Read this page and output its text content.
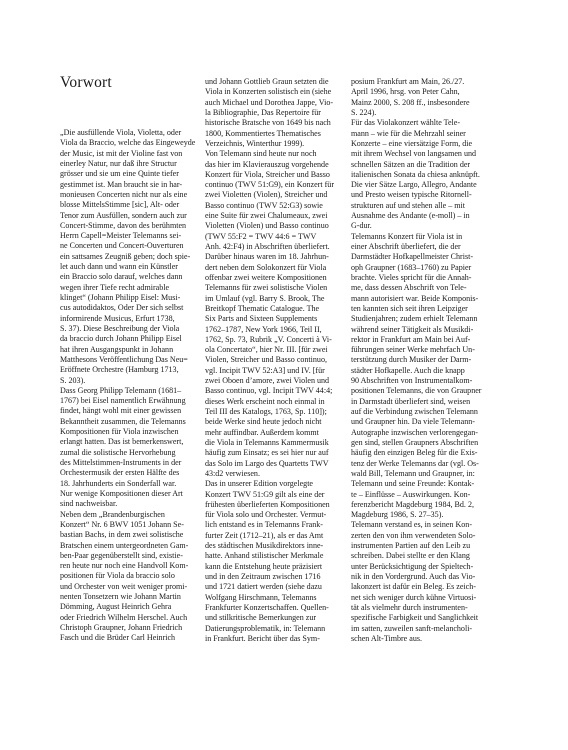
Vorwort
„Die ausfüllende Viola, Violetta, oder
Viola da Braccio, welche das Eingeweyde
der Music, ist mit der Violine fast von
einerley Natur, nur daß ihre Structur
grösser und sie um eine Quinte tiefer
gestimmet ist. Man braucht sie in har-
monieusen Concerten nicht nur als eine
blosse MittelsStimme [sic], Alt- oder
Tenor zum Ausfüllen, sondern auch zur
Concert-Stimme, davon des berühmten
Herrn Capell=Meister Telemanns sei-
ne Concerten und Concert-Ouverturen
ein sattsames Zeugniß geben; doch spie-
let auch dann und wann ein Künstler
ein Braccio solo darauf, welches dann
wegen ihrer Tiefe recht admirable
klinget“ (Johann Philipp Eisel: Musi-
cus autodidaktos, Oder Der sich selbst
informirende Musicus, Erfurt 1738,
S. 37). Diese Beschreibung der Viola
da braccio durch Johann Philipp Eisel
hat ihren Ausgangspunkt in Johann
Matthesons Veröffentlichung Das Neu=
Eröffnete Orchestre (Hamburg 1713,
S. 203).
Dass Georg Philipp Telemann (1681–
1767) bei Eisel namentlich Erwähnung
findet, hängt wohl mit einer gewissen
Bekanntheit zusammen, die Telemanns
Kompositionen für Viola inzwischen
erlangt hatten. Das ist bemerkenswert,
zumal die solistische Hervorhebung
des Mittelstimmen-Instruments in der
Orchestermusik der ersten Hälfte des
18. Jahrhunderts ein Sonderfall war.
Nur wenige Kompositionen dieser Art
sind nachweisbar.
Neben dem „Brandenburgischen
Konzert“ Nr. 6 BWV 1051 Johann Se-
bastian Bachs, in dem zwei solistische
Bratschen einem untergeordneten Gam-
ben-Paar gegenüberstellt sind, existie-
ren heute nur noch eine Handvoll Kom-
positionen für Viola da braccio solo
und Orchester von weit weniger promi-
nenten Tonsetzern wie Johann Martin
Dömming, August Heinrich Gehra
oder Friedrich Wilhelm Herschel. Auch
Christoph Graupner, Johann Friedrich
Fasch und die Brüder Carl Heinrich
und Johann Gottlieb Graun setzten die
Viola in Konzerten solistisch ein (siehe
auch Michael und Dorothea Jappe, Vio-
la Bibliographie, Das Repertoire für
historische Bratsche von 1649 bis nach
1800, Kommentiertes Thematisches
Verzeichnis, Winterthur 1999).
Von Telemann sind heute nur noch
das hier im Klavierauszug vorgehende
Konzert für Viola, Streicher und Basso
continuo (TWV 51:G9), ein Konzert für
zwei Violetten (Violen), Streicher und
Basso continuo (TWV 52:G3) sowie
eine Suite für zwei Chalumeaux, zwei
Violetten (Violen) und Basso continuo
(TWV 55:F2 = TWV 44:6 = TWV
Anh. 42:F4) in Abschriften überliefert.
Darüber hinaus waren im 18. Jahrhun-
dert neben dem Solokonzert für Viola
offenbar zwei weitere Kompositionen
Telemanns für zwei solistische Violen
im Umlauf (vgl. Barry S. Brook, The
Breitkopf Thematic Catalogue. The
Six Parts and Sixteen Supplements
1762–1787, New York 1966, Teil II,
1762, Sp. 73, Rubrik „V. Concerti à Vi-
ola Concertato“, hier Nr. III. [für zwei
Violen, Streicher und Basso continuo,
vgl. Incipit TWV 52:A3] und IV. [für
zwei Oboen d’amore, zwei Violen und
Basso continuo, vgl. Incipit TWV 44:4;
dieses Werk erscheint noch einmal in
Teil III des Katalogs, 1763, Sp. 110]);
beide Werke sind heute jedoch nicht
mehr auffindbar. Außerdem kommt
die Viola in Telemanns Kammermusik
häufig zum Einsatz; es sei hier nur auf
das Solo im Largo des Quartetts TWV
43:d2 verwiesen.
Das in unserer Edition vorgelegte
Konzert TWV 51:G9 gilt als eine der
frühesten überlieferten Kompositionen
für Viola solo und Orchester. Vermut-
lich entstand es in Telemanns Frank-
furter Zeit (1712–21), als er das Amt
des städtischen Musikdirektors inne-
hatte. Anhand stilistischer Merkmale
kann die Entstehung heute präzisiert
und in den Zeitraum zwischen 1716
und 1721 datiert werden (siehe dazu
Wolfgang Hirschmann, Telemanns
Frankfurter Konzertschaffen. Quellen-
und stilkritische Bemerkungen zur
Datierungsproblematik, in: Telemann
in Frankfurt. Bericht über das Sym-
posium Frankfurt am Main, 26./27.
April 1996, hrsg. von Peter Cahn,
Mainz 2000, S. 208 ff., insbesondere
S. 224).
Für das Violakonzert wählte Tele-
mann – wie für die Mehrzahl seiner
Konzerte – eine viersätzige Form, die
mit ihrem Wechsel von langsamen und
schnellen Sätzen an die Tradition der
italienischen Sonata da chiesa anknüpft.
Die vier Sätze Largo, Allegro, Andante
und Presto weisen typische Ritornell-
strukturen auf und stehen alle – mit
Ausnahme des Andante (e-moll) – in
G-dur.
Telemanns Konzert für Viola ist in
einer Abschrift überliefert, die der
Darmstädter Hofkapellmeister Christ-
oph Graupner (1683–1760) zu Papier
brachte. Vieles spricht für die Annah-
me, dass dessen Abschrift von Tele-
mann autorisiert war. Beide Komponis-
ten kannten sich seit ihren Leipziger
Studienjahren; zudem erhielt Telemann
während seiner Tätigkeit als Musikdi-
rektor in Frankfurt am Main bei Auf-
führungen seiner Werke mehrfach Un-
terstützung durch Musiker der Darm-
städter Hofkapelle. Auch die knapp
90 Abschriften von Instrumentalkom-
positionen Telemanns, die von Graupner
in Darmstadt überliefert sind, weisen
auf die Verbindung zwischen Telemann
und Graupner hin. Da viele Telemann-
Autographe inzwischen verlorengegan-
gen sind, stellen Graupners Abschriften
häufig den einzigen Beleg für die Exis-
tenz der Werke Telemanns dar (vgl. Os-
wald Bill, Telemann und Graupner, in:
Telemann und seine Freunde: Kontak-
te – Einflüsse – Auswirkungen. Kon-
ferenzbericht Magdeburg 1984, Bd. 2,
Magdeburg 1986, S. 27–35).
Telemann verstand es, in seinen Kon-
zerten den von ihm verwendeten Solo-
instrumenten Partien auf den Leib zu
schreiben. Dabei stellte er den Klang
unter Berücksichtigung der Spieltech-
nik in den Vordergrund. Auch das Vio-
lakonzert ist dafür ein Beleg. Es zeich-
net sich weniger durch kühne Virtuosi-
tät als vielmehr durch instrumenten-
spezifische Farbigkeit und Sanglichkeit
im satten, zuweilen sanft-melancholi-
schen Alt-Timbre aus.
